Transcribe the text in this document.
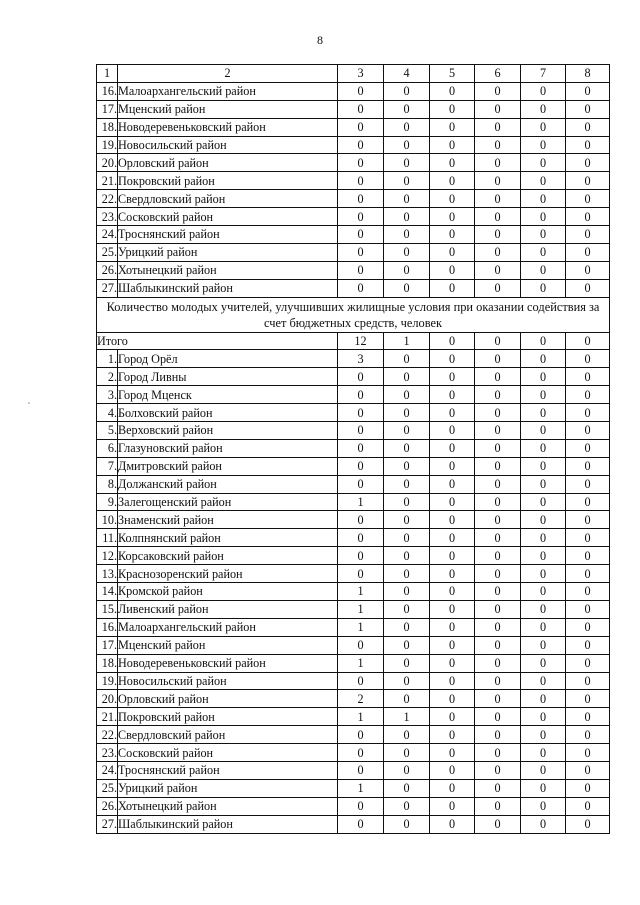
8
1	2	3	4	5	6	7	8
16.	Малоархангельский район	0	0	0	0	0	0
17.	Мценский район	0	0	0	0	0	0
18.	Новодеревеньковский район	0	0	0	0	0	0
19.	Новосильский район	0	0	0	0	0	0
20.	Орловский район	0	0	0	0	0	0
21.	Покровский район	0	0	0	0	0	0
22.	Свердловский район	0	0	0	0	0	0
23.	Сосковский район	0	0	0	0	0	0
24.	Троснянский район	0	0	0	0	0	0
25.	Урицкий район	0	0	0	0	0	0
26.	Хотынецкий район	0	0	0	0	0	0
27.	Шаблыкинский район	0	0	0	0	0	0
Количество молодых учителей, улучшивших жилищные условия при оказании содействия за счет бюджетных средств, человек							
Итого		12	1	0	0	0	0
1.	Город Орёл	3	0	0	0	0	0
2.	Город Ливны	0	0	0	0	0	0
3.	Город Мценск	0	0	0	0	0	0
4.	Болховский район	0	0	0	0	0	0
5.	Верховский район	0	0	0	0	0	0
6.	Глазуновский район	0	0	0	0	0	0
7.	Дмитровский район	0	0	0	0	0	0
8.	Должанский район	0	0	0	0	0	0
9.	Залегощенский район	1	0	0	0	0	0
10.	Знаменский район	0	0	0	0	0	0
11.	Колпнянский район	0	0	0	0	0	0
12.	Корсаковский район	0	0	0	0	0	0
13.	Краснозоренский район	0	0	0	0	0	0
14.	Кромской район	1	0	0	0	0	0
15.	Ливенский район	1	0	0	0	0	0
16.	Малоархангельский район	1	0	0	0	0	0
17.	Мценский район	0	0	0	0	0	0
18.	Новодеревеньковский район	1	0	0	0	0	0
19.	Новосильский район	0	0	0	0	0	0
20.	Орловский район	2	0	0	0	0	0
21.	Покровский район	1	1	0	0	0	0
22.	Свердловский район	0	0	0	0	0	0
23.	Сосковский район	0	0	0	0	0	0
24.	Троснянский район	0	0	0	0	0	0
25.	Урицкий район	1	0	0	0	0	0
26.	Хотынецкий район	0	0	0	0	0	0
27.	Шаблыкинский район	0	0	0	0	0	0
